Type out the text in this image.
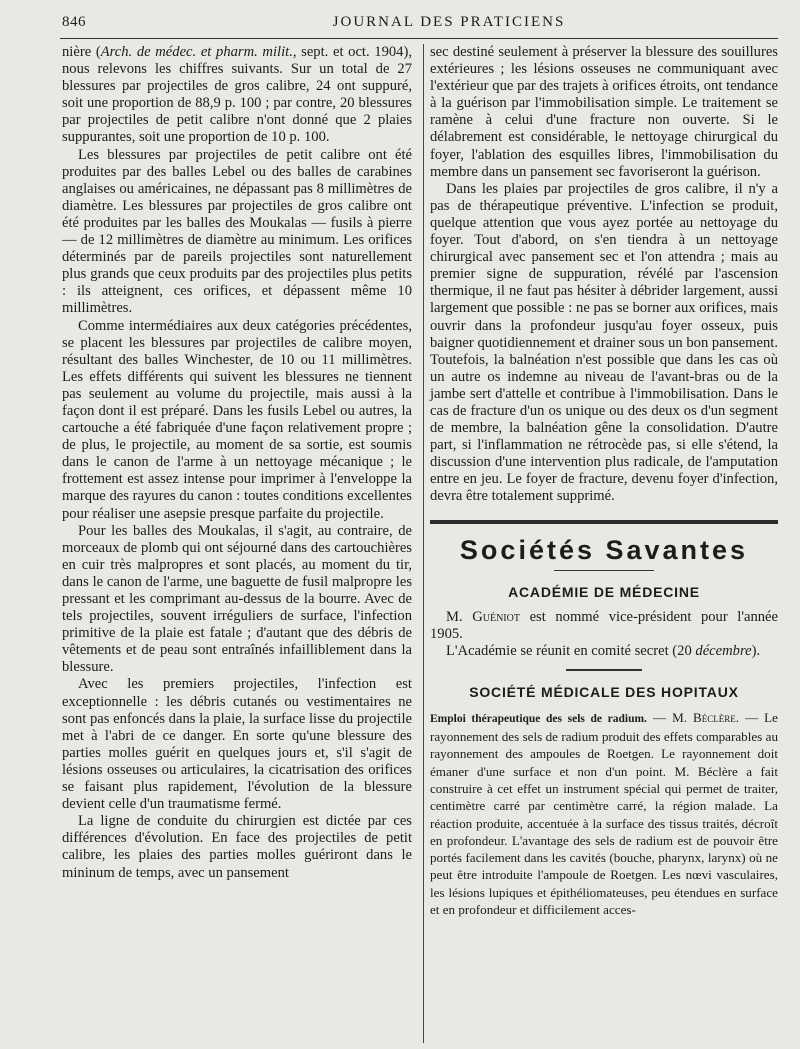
846	JOURNAL DES PRATICIENS

nière (Arch. de médec. et pharm. milit., sept. et oct. 1904), nous relevons les chiffres suivants. Sur un total de 27 blessures par projectiles de gros calibre, 24 ont suppuré, soit une proportion de 88,9 p. 100 ; par contre, 20 blessures par projectiles de petit calibre n'ont donné que 2 plaies suppurantes, soit une proportion de 10 p. 100.

Les blessures par projectiles de petit calibre ont été produites par des balles Lebel ou des balles de carabines anglaises ou américaines, ne dépassant pas 8 millimètres de diamètre. Les blessures par projectiles de gros calibre ont été produites par les balles des Moukalas — fusils à pierre — de 12 millimètres de diamètre au minimum. Les orifices déterminés par de pareils projectiles sont naturellement plus grands que ceux produits par des projectiles plus petits : ils atteignent, ces orifices, et dépassent même 10 millimètres.

Comme intermédiaires aux deux catégories précédentes, se placent les blessures par projectiles de calibre moyen, résultant des balles Winchester, de 10 ou 11 millimètres. Les effets différents qui suivent les blessures ne tiennent pas seulement au volume du projectile, mais aussi à la façon dont il est préparé. Dans les fusils Lebel ou autres, la cartouche a été fabriquée d'une façon relativement propre ; de plus, le projectile, au moment de sa sortie, est soumis dans le canon de l'arme à un nettoyage mécanique ; le frottement est assez intense pour imprimer à l'enveloppe la marque des rayures du canon : toutes conditions excellentes pour réaliser une asepsie presque parfaite du projectile.

Pour les balles des Moukalas, il s'agit, au contraire, de morceaux de plomb qui ont séjourné dans des cartouchières en cuir très malpropres et sont placés, au moment du tir, dans le canon de l'arme, une baguette de fusil malpropre les pressant et les comprimant au-dessus de la bourre. Avec de tels projectiles, souvent irréguliers de surface, l'infection primitive de la plaie est fatale ; d'autant que des débris de vêtements et de peau sont entraînés infailliblement dans la blessure.

Avec les premiers projectiles, l'infection est exceptionnelle : les débris cutanés ou vestimentaires ne sont pas enfoncés dans la plaie, la surface lisse du projectile met à l'abri de ce danger. En sorte qu'une blessure des parties molles guérit en quelques jours et, s'il s'agit de lésions osseuses ou articulaires, la cicatrisation des orifices se faisant plus rapidement, l'évolution de la blessure devient celle d'un traumatisme fermé.

La ligne de conduite du chirurgien est dictée par ces différences d'évolution. En face des projectiles de petit calibre, les plaies des parties molles guériront dans le mininum de temps, avec un pansement

sec destiné seulement à préserver la blessure des souillures extérieures ; les lésions osseuses ne communiquant avec l'extérieur que par des trajets à orifices étroits, ont tendance à la guérison par l'immobilisation simple. Le traitement se ramène à celui d'une fracture non ouverte. Si le délabrement est considérable, le nettoyage chirurgical du foyer, l'ablation des esquilles libres, l'immobilisation du membre dans un pansement sec favoriseront la guérison.

Dans les plaies par projectiles de gros calibre, il n'y a pas de thérapeutique préventive. L'infection se produit, quelque attention que vous ayez portée au nettoyage du foyer. Tout d'abord, on s'en tiendra à un nettoyage chirurgical avec pansement sec et l'on attendra ; mais au premier signe de suppuration, révélé par l'ascension thermique, il ne faut pas hésiter à débrider largement, aussi largement que possible : ne pas se borner aux orifices, mais ouvrir dans la profondeur jusqu'au foyer osseux, puis baigner quotidiennement et drainer sous un bon pansement. Toutefois, la balnéation n'est possible que dans les cas où un autre os indemne au niveau de l'avant-bras ou de la jambe sert d'attelle et contribue à l'immobilisation. Dans le cas de fracture d'un os unique ou des deux os d'un segment de membre, la balnéation gêne la consolidation. D'autre part, si l'inflammation ne rétrocède pas, si elle s'étend, la discussion d'une intervention plus radicale, de l'amputation entre en jeu. Le foyer de fracture, devenu foyer d'infection, devra être totalement supprimé.

Sociétés Savantes
ACADÉMIE DE MÉDECINE

M. Guéniot est nommé vice-président pour l'année 1905.

L'Académie se réunit en comité secret (20 décembre).

SOCIÉTÉ MÉDICALE DES HOPITAUX

Emploi thérapeutique des sels de radium. — M. Béclère. — Le rayonnement des sels de radium produit des effets comparables au rayonnement des ampoules de Roetgen. Le rayonnement doit émaner d'une surface et non d'un point. M. Béclère a fait construire à cet effet un instrument spécial qui permet de traiter, centimètre carré par centimètre carré, la région malade. La réaction produite, accentuée à la surface des tissus traités, décroît en profondeur. L'avantage des sels de radium est de pouvoir être portés facilement dans les cavités (bouche, pharynx, larynx) où ne peut être introduite l'ampoule de Roetgen. Les nœvi vasculaires, les lésions lupiques et épithéliomateuses, peu étendues en surface et en profondeur et difficilement acces-
